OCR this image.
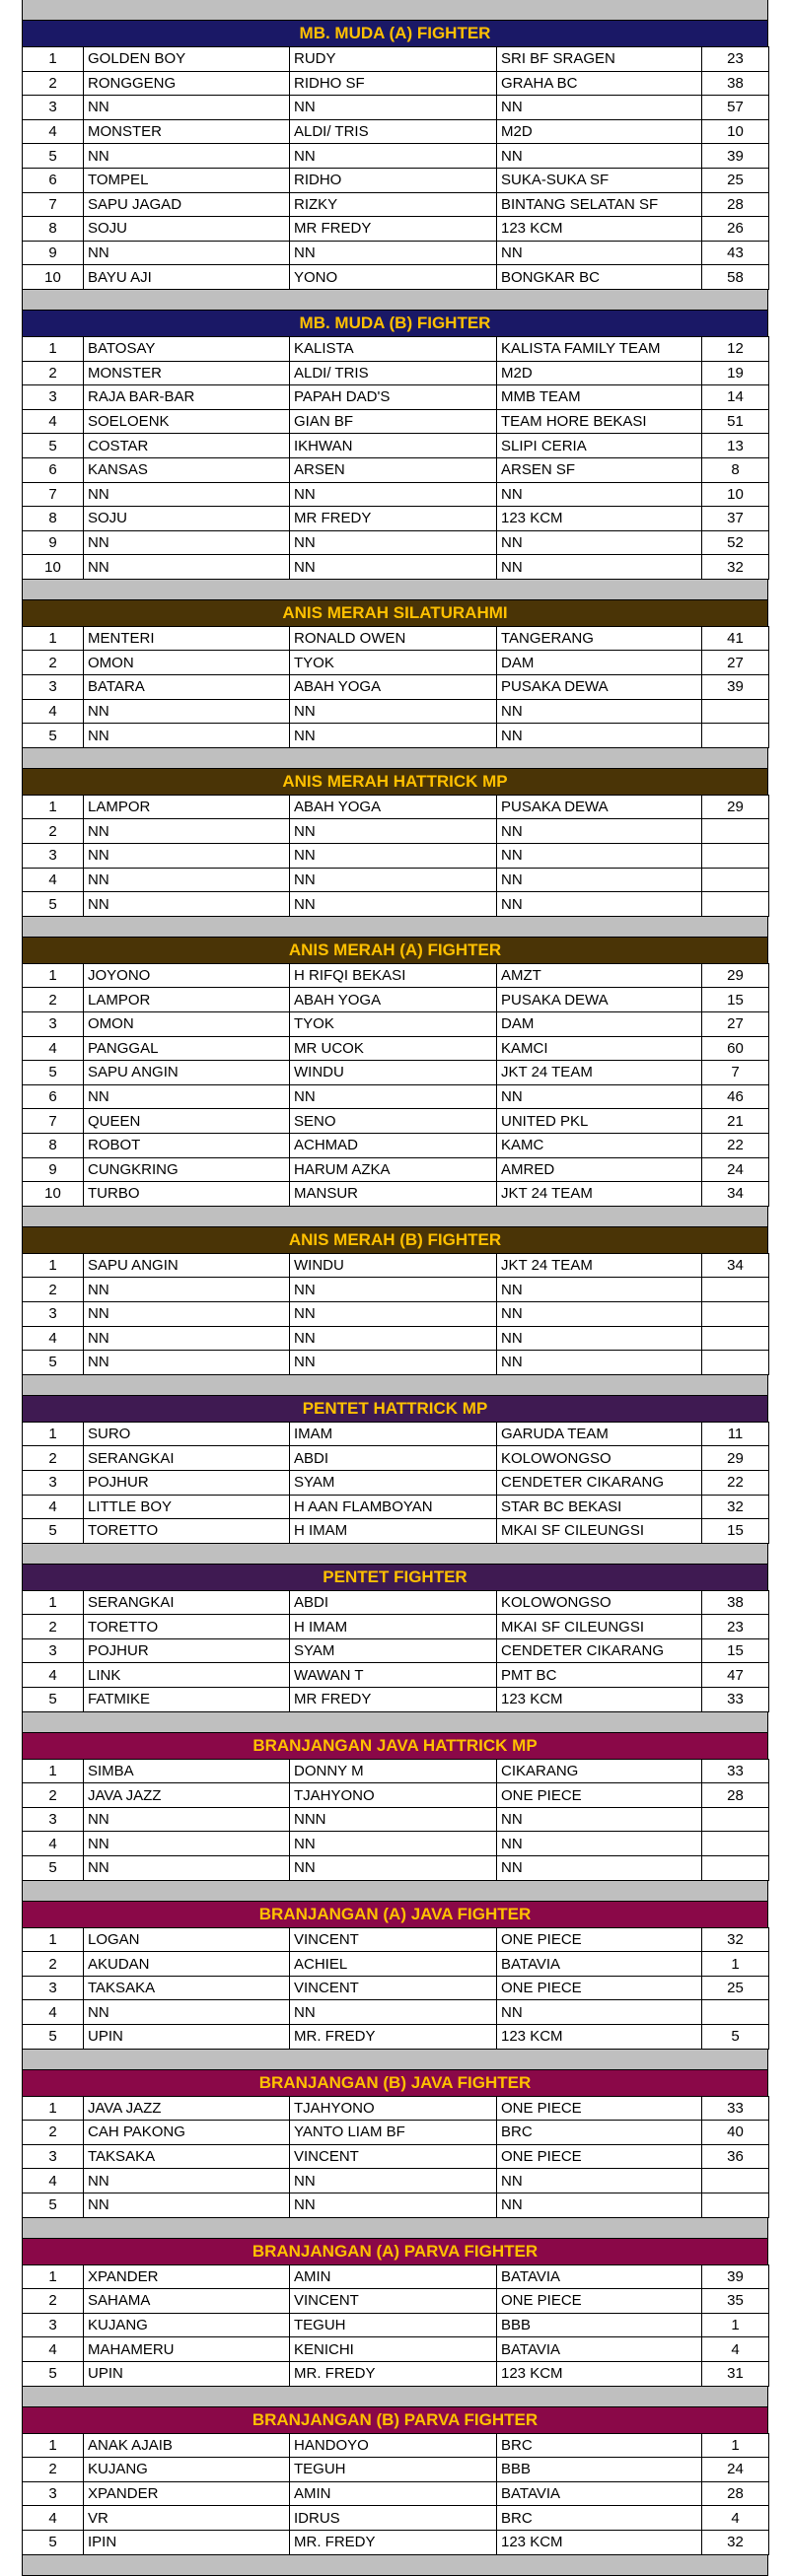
MB. MUDA (A) FIGHTER
1	GOLDEN BOY	RUDY	SRI BF SRAGEN	23
2	RONGGENG	RIDHO SF	GRAHA BC	38
3	NN	NN	NN	57
4	MONSTER	ALDI/ TRIS	M2D	10
5	NN	NN	NN	39
6	TOMPEL	RIDHO	SUKA-SUKA SF	25
7	SAPU JAGAD	RIZKY	BINTANG SELATAN SF	28
8	SOJU	MR FREDY	123 KCM	26
9	NN	NN	NN	43
10	BAYU AJI	YONO	BONGKAR BC	58
MB. MUDA (B) FIGHTER
1	BATOSAY	KALISTA	KALISTA FAMILY TEAM	12
2	MONSTER	ALDI/ TRIS	M2D	19
3	RAJA BAR-BAR	PAPAH DAD'S	MMB TEAM	14
4	SOELOENK	GIAN BF	TEAM HORE BEKASI	51
5	COSTAR	IKHWAN	SLIPI CERIA	13
6	KANSAS	ARSEN	ARSEN SF	8
7	NN	NN	NN	10
8	SOJU	MR FREDY	123 KCM	37
9	NN	NN	NN	52
10	NN	NN	NN	32
ANIS MERAH SILATURAHMI
1	MENTERI	RONALD OWEN	TANGERANG	41
2	OMON	TYOK	DAM	27
3	BATARA	ABAH YOGA	PUSAKA DEWA	39
4	NN	NN	NN	
5	NN	NN	NN	
ANIS MERAH HATTRICK MP
1	LAMPOR	ABAH YOGA	PUSAKA DEWA	29
2	NN	NN	NN	
3	NN	NN	NN	
4	NN	NN	NN	
5	NN	NN	NN	
ANIS MERAH (A) FIGHTER
1	JOYONO	H RIFQI BEKASI	AMZT	29
2	LAMPOR	ABAH YOGA	PUSAKA DEWA	15
3	OMON	TYOK	DAM	27
4	PANGGAL	MR UCOK	KAMCI	60
5	SAPU ANGIN	WINDU	JKT 24 TEAM	7
6	NN	NN	NN	46
7	QUEEN	SENO	UNITED PKL	21
8	ROBOT	ACHMAD	KAMC	22
9	CUNGKRING	HARUM AZKA	AMRED	24
10	TURBO	MANSUR	JKT 24 TEAM	34
ANIS MERAH (B) FIGHTER
1	SAPU ANGIN	WINDU	JKT 24 TEAM	34
2	NN	NN	NN	
3	NN	NN	NN	
4	NN	NN	NN	
5	NN	NN	NN	
PENTET HATTRICK MP
1	SURO	IMAM	GARUDA TEAM	11
2	SERANGKAI	ABDI	KOLOWONGSO	29
3	POJHUR	SYAM	CENDETER CIKARANG	22
4	LITTLE BOY	H AAN FLAMBOYAN	STAR BC BEKASI	32
5	TORETTO	H IMAM	MKAI SF CILEUNGSI	15
PENTET FIGHTER
1	SERANGKAI	ABDI	KOLOWONGSO	38
2	TORETTO	H IMAM	MKAI SF CILEUNGSI	23
3	POJHUR	SYAM	CENDETER CIKARANG	15
4	LINK	WAWAN T	PMT BC	47
5	FATMIKE	MR FREDY	123 KCM	33
BRANJANGAN JAVA HATTRICK MP
1	SIMBA	DONNY M	CIKARANG	33
2	JAVA JAZZ	TJAHYONO	ONE PIECE	28
3	NN	NNN	NN	
4	NN	NN	NN	
5	NN	NN	NN	
BRANJANGAN (A) JAVA FIGHTER
1	LOGAN	VINCENT	ONE PIECE	32
2	AKUDAN	ACHIEL	BATAVIA	1
3	TAKSAKA	VINCENT	ONE PIECE	25
4	NN	NN	NN	
5	UPIN	MR. FREDY	123 KCM	5
BRANJANGAN (B) JAVA FIGHTER
1	JAVA JAZZ	TJAHYONO	ONE PIECE	33
2	CAH PAKONG	YANTO LIAM BF	BRC	40
3	TAKSAKA	VINCENT	ONE PIECE	36
4	NN	NN	NN	
5	NN	NN	NN	
BRANJANGAN (A) PARVA FIGHTER
1	XPANDER	AMIN	BATAVIA	39
2	SAHAMA	VINCENT	ONE PIECE	35
3	KUJANG	TEGUH	BBB	1
4	MAHAMERU	KENICHI	BATAVIA	4
5	UPIN	MR. FREDY	123 KCM	31
BRANJANGAN (B) PARVA FIGHTER
1	ANAK AJAIB	HANDOYO	BRC	1
2	KUJANG	TEGUH	BBB	24
3	XPANDER	AMIN	BATAVIA	28
4	VR	IDRUS	BRC	4
5	IPIN	MR. FREDY	123 KCM	32
